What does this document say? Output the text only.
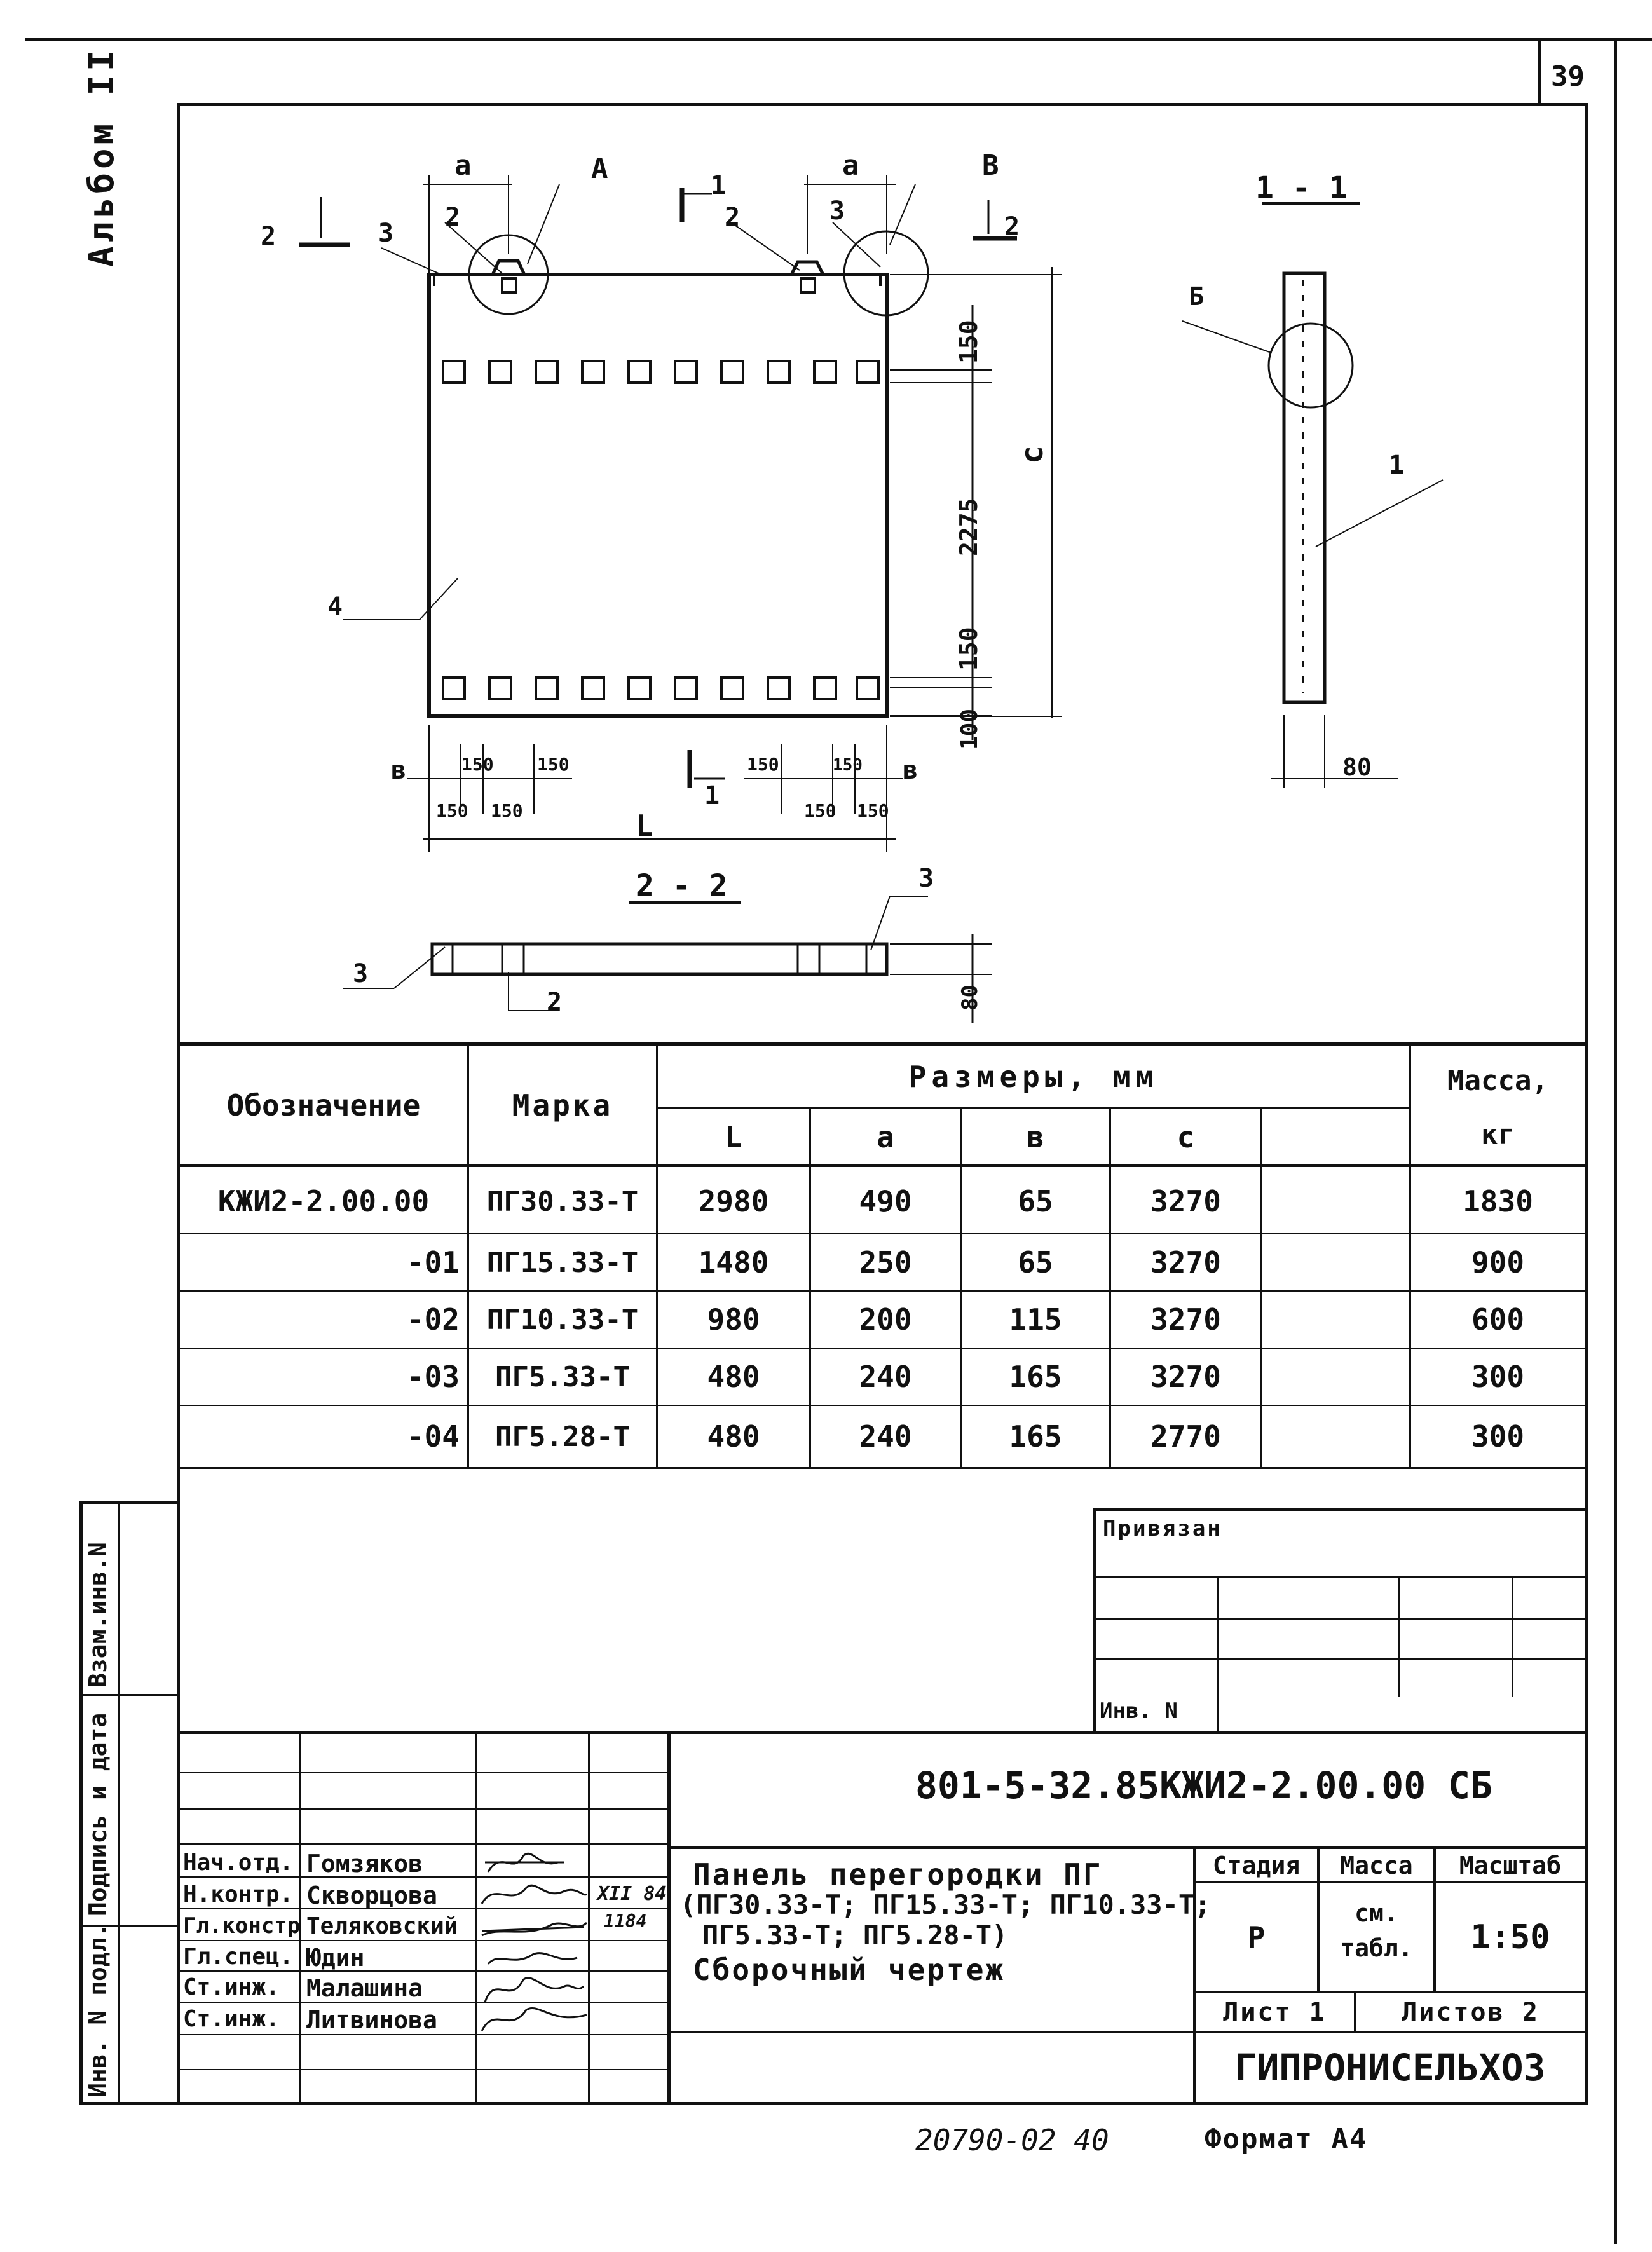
39
Альбом II	a	a
A	B
2	3
2
1
2	3
2
4
150
2275
150
100
c
L
в	в
150 150
150 150
150	150
150 150
1
1 - 1
Б
1
80
2 - 2	3
3
2	80
Обозначение	Марка
Размеры, мм
L	a	в	c
Масса,
кг
КЖИ2-2.00.00	ПГ30.33-Т	2980	490	65	3270	1830
-01 ПГ15.33-Т	1480	250	65	3270	900
-02 ПГ10.33-Т	980	200	115	3270	600
-03	ПГ5.33-Т	480	240	165	3270	300
-04	ПГ5.28-Т	480	240	165	2770	300
Привязан
Инв. N
Взам.инв.N
Подпись и дата
Инв. N подл.
Нач.отд. Гомзяков
Н.контр. Скворцова	XII 84
Гл.констр Теляковский	1184
Гл.спец. Юдин
Ст.инж. Малашина
Ст.инж. Литвинова
801-5-32.85КЖИ2-2.00.00 СБ
Панель перегородки ПГ
(ПГ30.33-Т; ПГ15.33-Т; ПГ10.33-Т;
ПГ5.33-Т; ПГ5.28-Т)
Сборочный чертеж
Стадия	Масса	Масштаб
Р
см.
табл.	1:50
Лист 1	Листов 2
ГИПРОНИСЕЛЬХОЗ
20790-02 40	Формат А4
